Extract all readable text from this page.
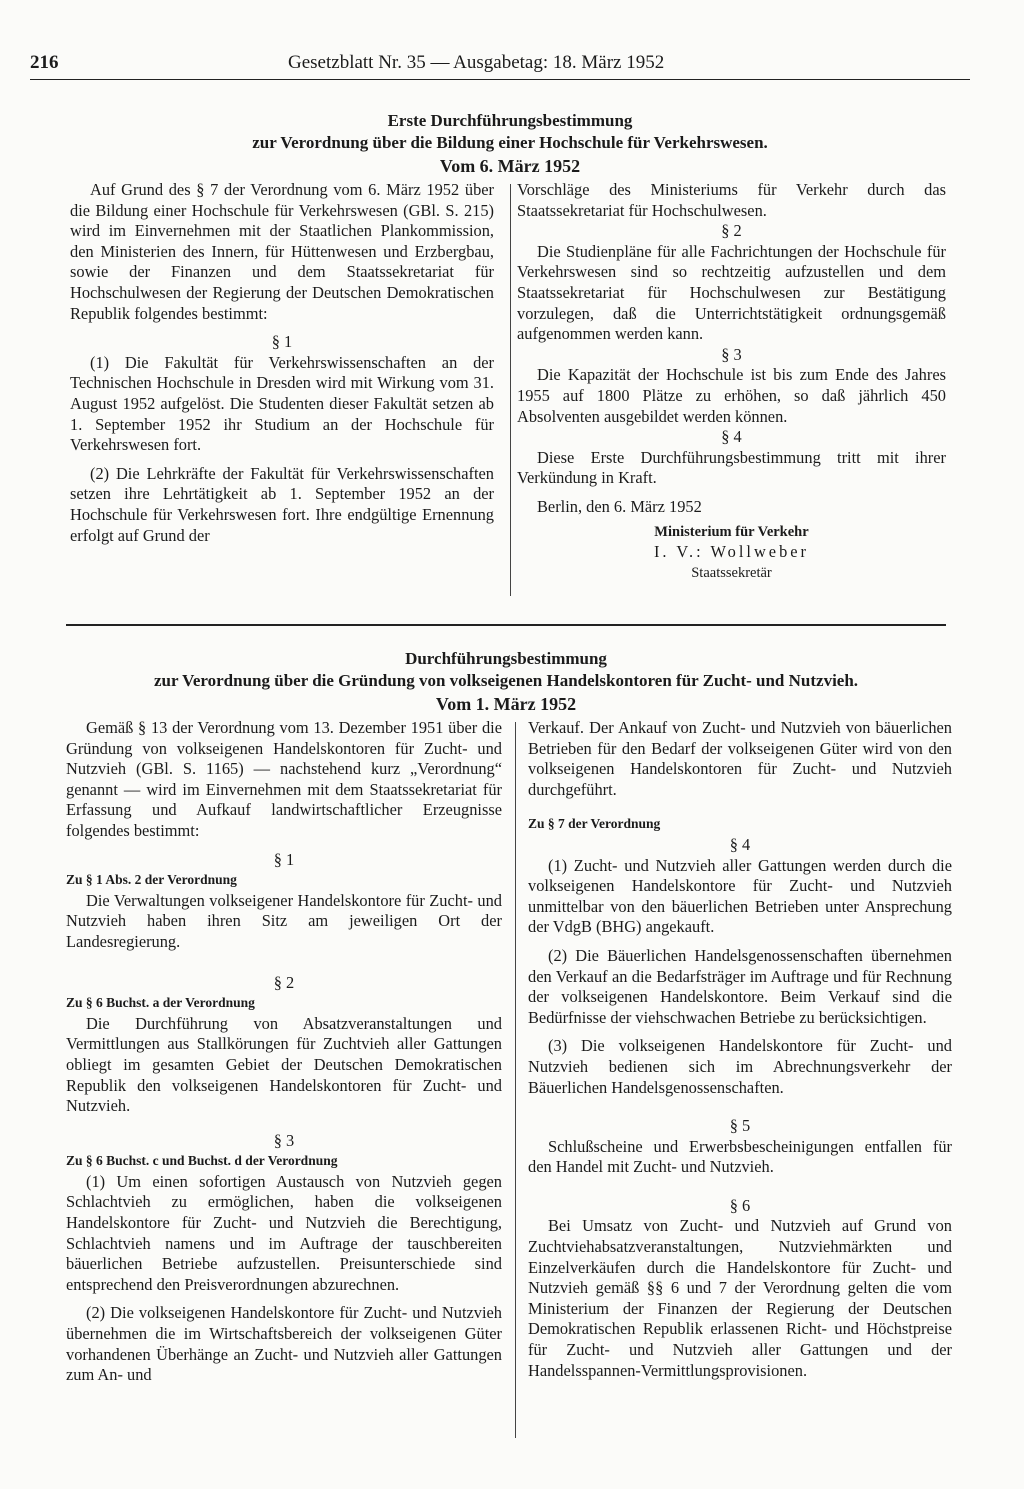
216	Gesetzblatt Nr. 35 — Ausgabetag: 18. März 1952
Erste Durchführungsbestimmung
zur Verordnung über die Bildung einer Hochschule für Verkehrswesen.
Vom 6. März 1952

Auf Grund des § 7 der Verordnung vom 6. März 1952 über die Bildung einer Hochschule für Verkehrswesen (GBl. S. 215) wird im Einvernehmen mit der Staatlichen Plankommission, den Ministerien des Innern, für Hüttenwesen und Erzbergbau, sowie der Finanzen und dem Staatssekretariat für Hochschulwesen der Regierung der Deutschen Demokratischen Republik folgendes bestimmt:

§ 1

(1) Die Fakultät für Verkehrswissenschaften an der Technischen Hochschule in Dresden wird mit Wirkung vom 31. August 1952 aufgelöst. Die Studenten dieser Fakultät setzen ab 1. September 1952 ihr Studium an der Hochschule für Verkehrswesen fort.

(2) Die Lehrkräfte der Fakultät für Verkehrswissenschaften setzen ihre Lehrtätigkeit ab 1. September 1952 an der Hochschule für Verkehrswesen fort. Ihre endgültige Ernennung erfolgt auf Grund der

Vorschläge des Ministeriums für Verkehr durch das Staatssekretariat für Hochschulwesen.

§ 2

Die Studienpläne für alle Fachrichtungen der Hochschule für Verkehrswesen sind so rechtzeitig aufzustellen und dem Staatssekretariat für Hochschulwesen zur Bestätigung vorzulegen, daß die Unterrichtstätigkeit ordnungsgemäß aufgenommen werden kann.

§ 3

Die Kapazität der Hochschule ist bis zum Ende des Jahres 1955 auf 1800 Plätze zu erhöhen, so daß jährlich 450 Absolventen ausgebildet werden können.

§ 4

Diese Erste Durchführungsbestimmung tritt mit ihrer Verkündung in Kraft.

Berlin, den 6. März 1952

Ministerium für Verkehr
I. V.: Wollweber
Staatssekretär
Durchführungsbestimmung
zur Verordnung über die Gründung von volkseigenen Handelskontoren für Zucht- und Nutzvieh.
Vom 1. März 1952

Gemäß § 13 der Verordnung vom 13. Dezember 1951 über die Gründung von volkseigenen Handelskontoren für Zucht- und Nutzvieh (GBl. S. 1165) — nachstehend kurz „Verordnung“ genannt — wird im Einvernehmen mit dem Staatssekretariat für Erfassung und Aufkauf landwirtschaftlicher Erzeugnisse folgendes bestimmt:

§ 1

Zu § 1 Abs. 2 der Verordnung

Die Verwaltungen volkseigener Handelskontore für Zucht- und Nutzvieh haben ihren Sitz am jeweiligen Ort der Landesregierung.

§ 2

Zu § 6 Buchst. a der Verordnung

Die Durchführung von Absatzveranstaltungen und Vermittlungen aus Stallkörungen für Zuchtvieh aller Gattungen obliegt im gesamten Gebiet der Deutschen Demokratischen Republik den volkseigenen Handelskontoren für Zucht- und Nutzvieh.

§ 3

Zu § 6 Buchst. c und Buchst. d der Verordnung

(1) Um einen sofortigen Austausch von Nutzvieh gegen Schlachtvieh zu ermöglichen, haben die volkseigenen Handelskontore für Zucht- und Nutzvieh die Berechtigung, Schlachtvieh namens und im Auftrage der tauschbereiten bäuerlichen Betriebe aufzustellen. Preisunterschiede sind entsprechend den Preisverordnungen abzurechnen.

(2) Die volkseigenen Handelskontore für Zucht- und Nutzvieh übernehmen die im Wirtschaftsbereich der volkseigenen Güter vorhandenen Überhänge an Zucht- und Nutzvieh aller Gattungen zum An- und

Verkauf. Der Ankauf von Zucht- und Nutzvieh von bäuerlichen Betrieben für den Bedarf der volkseigenen Güter wird von den volkseigenen Handelskontoren für Zucht- und Nutzvieh durchgeführt.

Zu § 7 der Verordnung

§ 4

(1) Zucht- und Nutzvieh aller Gattungen werden durch die volkseigenen Handelskontore für Zucht- und Nutzvieh unmittelbar von den bäuerlichen Betrieben unter Ansprechung der VdgB (BHG) angekauft.

(2) Die Bäuerlichen Handelsgenossenschaften übernehmen den Verkauf an die Bedarfsträger im Auftrage und für Rechnung der volkseigenen Handelskontore. Beim Verkauf sind die Bedürfnisse der viehschwachen Betriebe zu berücksichtigen.

(3) Die volkseigenen Handelskontore für Zucht- und Nutzvieh bedienen sich im Abrechnungsverkehr der Bäuerlichen Handelsgenossenschaften.

§ 5

Schlußscheine und Erwerbsbescheinigungen entfallen für den Handel mit Zucht- und Nutzvieh.

§ 6

Bei Umsatz von Zucht- und Nutzvieh auf Grund von Zuchtviehabsatzveranstaltungen, Nutzviehmärkten und Einzelverkäufen durch die Handelskontore für Zucht- und Nutzvieh gemäß §§ 6 und 7 der Verordnung gelten die vom Ministerium der Finanzen der Regierung der Deutschen Demokratischen Republik erlassenen Richt- und Höchstpreise für Zucht- und Nutzvieh aller Gattungen und der Handelsspannen-Vermittlungsprovisionen.
